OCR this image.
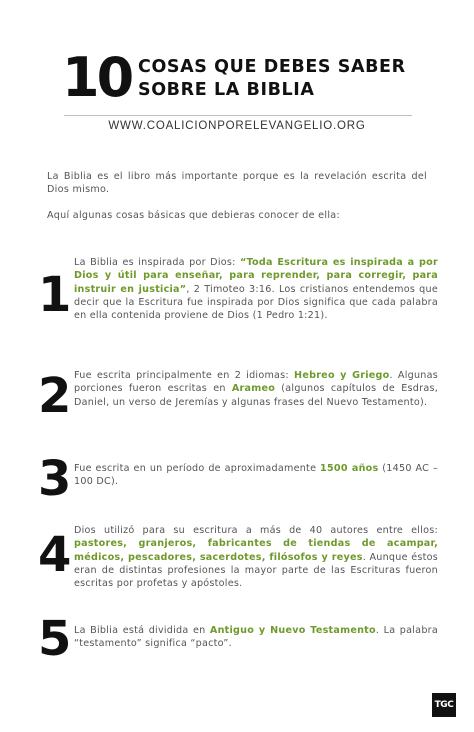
10 COSAS QUE DEBES SABER
SOBRE LA BIBLIA
WWW.COALICIONPORELEVANGELIO.ORG
La Biblia es el libro más importante porque es la revelación escrita del Dios mismo.
Aquí algunas cosas básicas que debieras conocer de ella:
1
La Biblia es inspirada por Dios: “Toda Escritura es inspirada a por Dios y útil para enseñar, para reprender, para corregir, para instruir en justicia”, 2 Timoteo 3:16. Los cristianos entendemos que decir que la Escritura fue inspirada por Dios significa que cada palabra en ella contenida proviene de Dios (1 Pedro 1:21).
2 Fue escrita principalmente en 2 idiomas: Hebreo y Griego. Algunas porciones fueron escritas en Arameo (algunos capítulos de Esdras, Daniel, un verso de Jeremías y algunas frases del Nuevo Testamento).
3 Fue escrita en un período de aproximadamente 1500 años (1450 AC – 100 DC).
4 Dios utilizó para su escritura a más de 40 autores entre ellos: pastores, granjeros, fabricantes de tiendas de acampar, médicos, pescadores, sacerdotes, filósofos y reyes. Aunque éstos eran de distintas profesiones la mayor parte de las Escrituras fueron escritas por profetas y apóstoles.
5 La Biblia está dividida en Antiguo y Nuevo Testamento. La palabra “testamento” significa “pacto”.
TGC
